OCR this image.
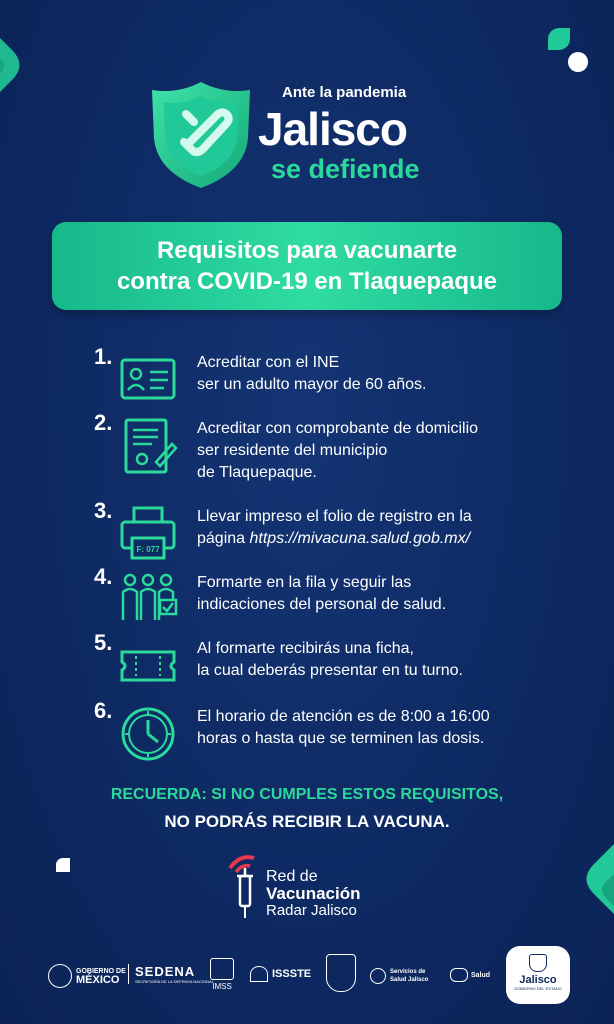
Ante la pandemia
Jalisco
se defiende
Requisitos para vacunarte
contra COVID-19 en Tlaquepaque
1.	Acreditar con el INE
ser un adulto mayor de 60 años.
2.	Acreditar con comprobante de domicilio
ser residente del municipio
de Tlaquepaque.
3.
F: 077
Llevar impreso el folio de registro en la
página https://mivacuna.salud.gob.mx/
4.	Formarte en la fila y seguir las
indicaciones del personal de salud.
5.	Al formarte recibirás una ficha,
la cual deberás presentar en tu turno.
6.	El horario de atención es de 8:00 a 16:00
horas o hasta que se terminen las dosis.
RECUERDA: SI NO CUMPLES ESTOS REQUISITOS,
NO PODRÁS RECIBIR LA VACUNA.
Red de
Vacunación
Radar Jalisco
GOBIERNO DE
MÉXICO
SEDENA
SECRETARÍA DE LA DEFENSA NACIONAL
IMSS
ISSSTE	Servicios de
Salud Jalisco
Salud	Jalisco
GOBIERNO DEL ESTADO
